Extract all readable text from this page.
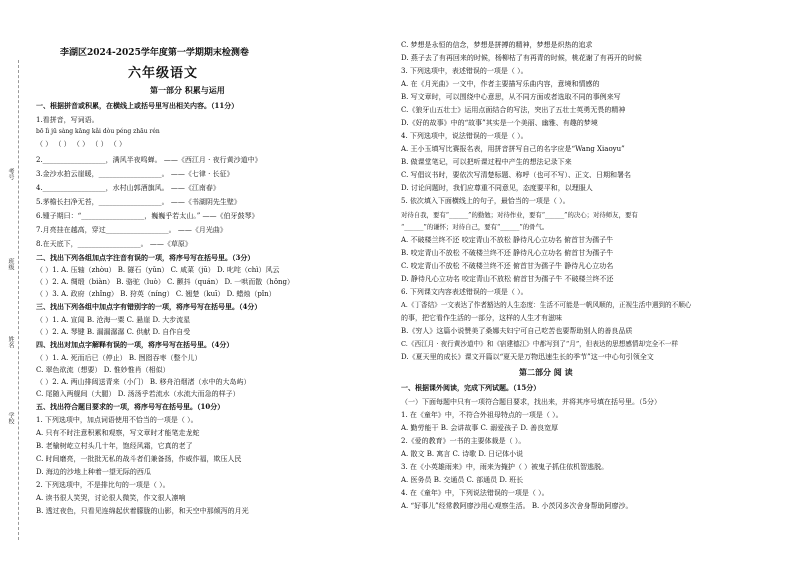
考号
班级
姓名
学校
李湖区2024-2025学年度第一学期期末检测卷
六年级语文
第一部分 积累与运用
一、根据拼音或积累，在横线上或括号里写出相关内容。（11分）
1.看拼音，写词语。
bō lì jū sàng kāng kǎi dòu péng zhāu rén
（ ） （ ） （ ） （ ） （ ）
2.__________________，满风半夜鸣蝉。 ——《西江月 · 夜行黄沙道中》
3.金沙水拍云崖暖，__________________。 ——《七律 · 长征》
4.__________________，水村山郭酒旗风。 ——《江南春》
5.茅檐长扫净无苔，__________________。 ——《书湖阴先生壁》
6.锺子期曰：“__________________，巍巍乎若太山。” ——《伯牙鼓琴》
7.月亮挂在越高，穿过__________________。 ——《月光曲》
8.在天底下，__________________。 ——《草原》
二、找出下列各组加点字注音有误的一项，将序号写在括号里。（3分）
（ ）1. A. 压轴（zhòu） B. 隧石（yǔn） C. 咸菜（jū） D. 叱咤（chì）风云
（ ）2. A. 绸缎（biàn） B. 骆驼（luò） C. 颤抖（quán） D. 一哄而散（hǒng）
（ ）3. A. 政府（zhǐng） B. 狩英（níng） C. 翘楚（kuī） D. 蜡烛（pǐn）
三、找出下列各组中加点字有错别字的一项，将序号写在括号里。（4分）
（ ）1. A. 宣闻 B. 沧海一粟 C. 悬崖 D. 大步流星
（ ）2. A. 琴键 B. 漏漏潺潺 C. 供献 D. 自作自受
四、找出对加点字解释有误的一项，将序号写在括号里。（4分）
（ ）1. A. 死而后已（停止） B. 囫囵吞枣（整个儿）
C. 翠色欲流（想要） D. 惟妙惟肖（相似）
（ ）2. A. 两山排闼送青来（小门） B. 移舟泊烟渚（水中的大岛屿）
C. 尾随入两舰间（大腿） D. 汤汤乎若流水（水流大而急的样子）
五、找出符合题目要求的一项，将序号写在括号里。（10分）
1. 下列选项中，加点词语使用不恰当的一项是（ ）。
A. 只有不时注意积累和观察，写文章时才能笔走龙蛇
B. 老榆树屹立村头几十年，饱经风霜，它真的老了
C. 时间磨亮，一批批无私的战斗者们兼备扬，作威作福，欺压人民
D. 海边的沙地上种着一望无际的西瓜
2. 下列选项中，不是排比句的一项是（ ）。
A. 读书很人笑哭，讨论很人微笑，作文很人凛响
B. 透过夜色，只看见连绵起伏着朦胧的山影，和天空中那倾泻的月光
C. 梦想是永恒的信念，梦想是拼搏的精神，梦想是炽热的追求
D. 燕子去了有再回来的时候，杨柳枯了有再青的时候，桃花谢了有再开的时候
3. 下列选项中，表述错误的一项是（ ）。
A. 在《月光曲》一文中，作者主要描写乐曲内容，意境和情感的
B. 写文章时，可以围绕中心意思，从不同方面或者选取不同的事例来写
C.《狼牙山五壮士》运用点面结合的写法，突出了五壮士英勇无畏的精神
D.《好的故事》中的“故事”其实是一个美丽、幽雅、有趣的梦境
4. 下列选项中，说法错误的一项是（ ）。
A. 王小玉填写比赛报名表，用拼音拼写自己的名字应是“Wang Xiaoyu”
B. 做课堂笔记，可以把听课过程中产生的想法记录下来
C. 写倡议书时，要依次写清楚标题、称呼（也可不写）、正文、日期和署名
D. 讨论问题时，我们应尊重不同意见，态度要平和，以理服人
5. 依次填入下面横线上的句子，最恰当的一项是（ ）。
对待自我，要有“______”的勤勉；对待作业，要有“______”的决心；对待师友，要有
“______”的谦怀；对待自己，要有“______”的骨气。
A. 不破楼兰终不还 咬定青山不放松 静待凡心立功名 俯首甘为孺子牛
B. 咬定青山不放松 不破楼兰终不还 静待凡心立功名 俯首甘为孺子牛
C. 咬定青山不放松 不破楼兰终不还 俯首甘为孺子牛 静待凡心立功名
D. 静待凡心立功名 咬定青山不放松 俯首甘为孺子牛 不破楼兰终不还
6. 下列课文内容表述错误的一项是（ ）。
A.《丁香结》一文表达了作者豁达的人生态度：生活不可能是一帆风顺的，正视生活中遇到的不顺心
的事，把它看作生活的一部分，这样的人生才有滋味
B.《穷人》这篇小说赞美了桑娜夫妇宁可自己吃苦也要帮助别人的善良品质
C.《西江月 · 夜行黄沙道中》和《宿建德江》中都写到了“月”，但表达的思想感情却完全不一样
D.《夏天里的成长》课文开篇以“夏天是万物迅速生长的季节”这一中心句引领全文
第二部分 阅 读
一、根据课外阅读，完成下列试题。（15分）
（一）下面每题中只有一项符合题目要求，找出来，并将其序号填在括号里。（5分）
1. 在《童年》中，不符合外祖母特点的一项是（ ）。
A. 勤劳能干 B. 会讲故事 C. 溺爱孩子 D. 善良宽厚
2.《爱的教育》一书的主要体裁是（ ）。
A. 散文 B. 寓言 C. 诗歌 D. 日记体小说
3. 在《小英雄雨来》中，雨来为掩护（ ）被鬼子抓住依机智逃脱。
A. 医务员 B. 交通员 C. 部通员 D. 班长
4. 在《童年》中，下列说法错误的一项是（ ）。
A. “好事儿”经常教阿廖沙用心观察生活。 B. 小茨冈多次舍身帮助阿廖沙。
